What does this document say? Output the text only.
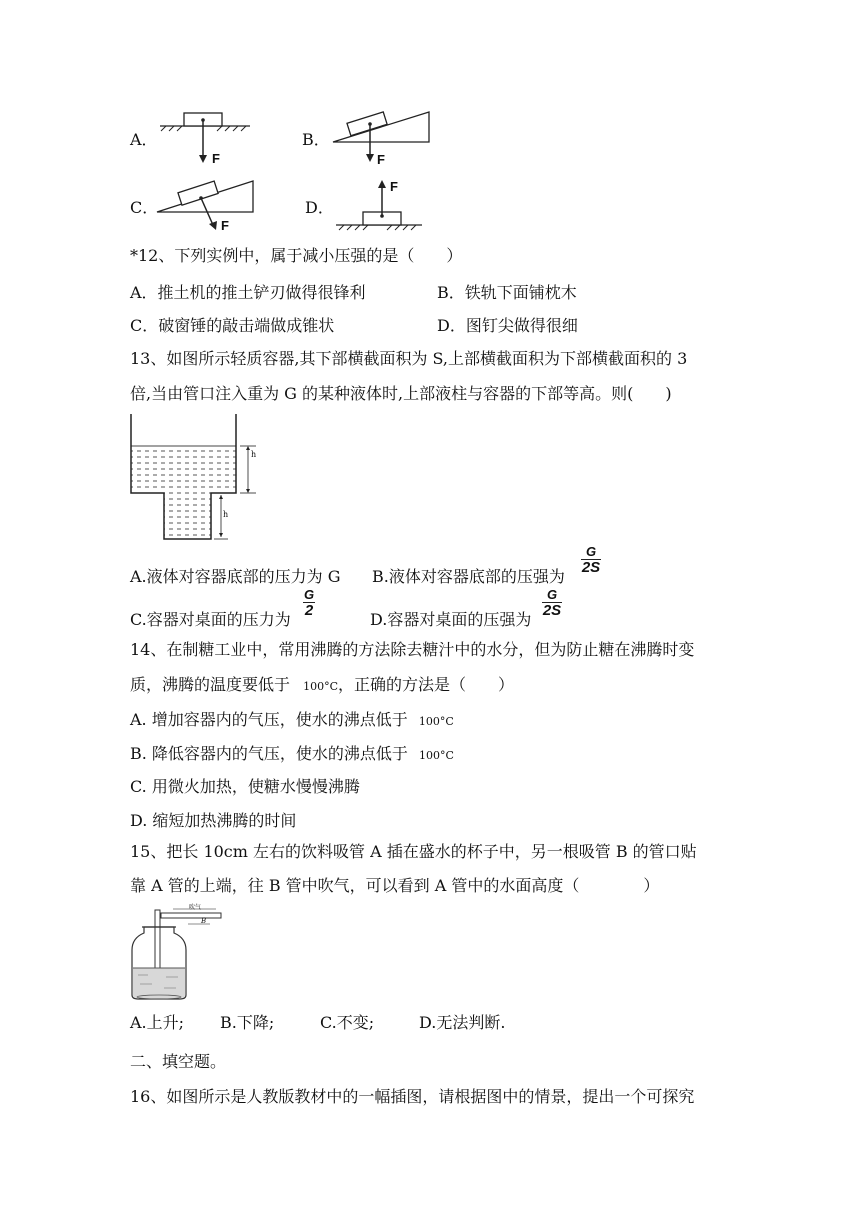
A．
F
B．
F
C．
F
D．
F
*12、下列实例中，属于减小压强的是（　　）
A．推土机的推土铲刃做得很锋利	B．铁轨下面铺枕木
C．破窗锤的敲击端做成锥状	D．图钉尖做得很细
13、如图所示轻质容器,其下部横截面积为 S,上部横截面积为下部横截面积的 3
倍,当由管口注入重为 G 的某种液体时,上部液柱与容器的下部等高。则(　　)
h
h
A.液体对容器底部的压力为 G B.液体对容器底部的压强为
G
2S
C.容器对桌面的压力为
G
2	D.容器对桌面的压强为
G
2S
14、在制糖工业中，常用沸腾的方法除去糖汁中的水分，但为防止糖在沸腾时变
质，沸腾的温度要低于 100°C，正确的方法是（　　）
A. 增加容器内的气压，使水的沸点低于 100°C
B. 降低容器内的气压，使水的沸点低于 100°C
C. 用微火加热，使糖水慢慢沸腾
D. 缩短加热沸腾的时间
15、把长 10cm 左右的饮料吸管 A 插在盛水的杯子中，另一根吸管 B 的管口贴
靠 A 管的上端，往 B 管中吹气，可以看到 A 管中的水面高度（　　　　）
吹气
B
A.上升; B.下降;	C.不变;	D.无法判断.
二、填空题。
16、如图所示是人教版教材中的一幅插图，请根据图中的情景，提出一个可探究
